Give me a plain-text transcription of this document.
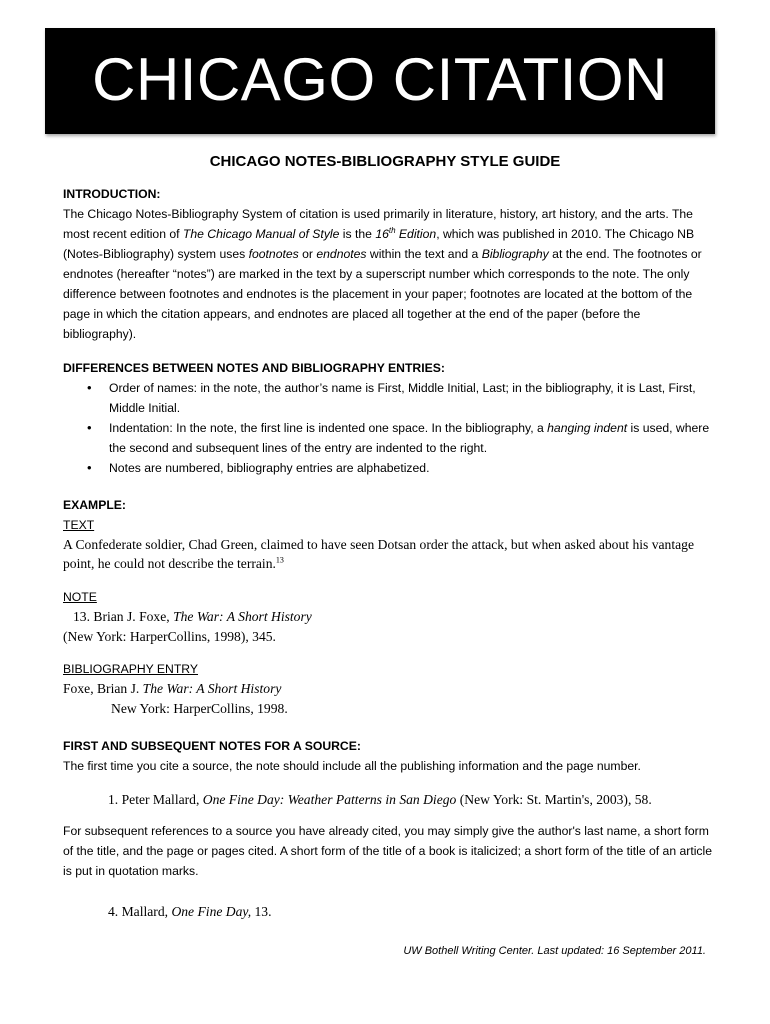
CHICAGO CITATION
CHICAGO NOTES-BIBLIOGRAPHY STYLE GUIDE
INTRODUCTION:
The Chicago Notes-Bibliography System of citation is used primarily in literature, history, art history, and the arts. The most recent edition of The Chicago Manual of Style is the 16th Edition, which was published in 2010. The Chicago NB (Notes-Bibliography) system uses footnotes or endnotes within the text and a Bibliography at the end. The footnotes or endnotes (hereafter “notes”) are marked in the text by a superscript number which corresponds to the note. The only difference between footnotes and endnotes is the placement in your paper; footnotes are located at the bottom of the page in which the citation appears, and endnotes are placed all together at the end of the paper (before the bibliography).
DIFFERENCES BETWEEN NOTES AND BIBLIOGRAPHY ENTRIES:
• Order of names: in the note, the author’s name is First, Middle Initial, Last; in the bibliography, it is Last, First, Middle Initial.
• Indentation: In the note, the first line is indented one space. In the bibliography, a hanging indent is used, where the second and subsequent lines of the entry are indented to the right.
• Notes are numbered, bibliography entries are alphabetized.
EXAMPLE:
TEXT
A Confederate soldier, Chad Green, claimed to have seen Dotsan order the attack, but when asked about his vantage point, he could not describe the terrain.$^{13}$
NOTE
13. Brian J. Foxe, The War: A Short History
(New York: HarperCollins, 1998), 345.
BIBLIOGRAPHY ENTRY
Foxe, Brian J. The War: A Short History
New York: HarperCollins, 1998.
FIRST AND SUBSEQUENT NOTES FOR A SOURCE:
The first time you cite a source, the note should include all the publishing information and the page number.
1. Peter Mallard, One Fine Day: Weather Patterns in San Diego (New York: St. Martin's, 2003), 58.
For subsequent references to a source you have already cited, you may simply give the author's last name, a short form of the title, and the page or pages cited. A short form of the title of a book is italicized; a short form of the title of an article is put in quotation marks.
4. Mallard, One Fine Day, 13.
UW Bothell Writing Center. Last updated: 16 September 2011.
